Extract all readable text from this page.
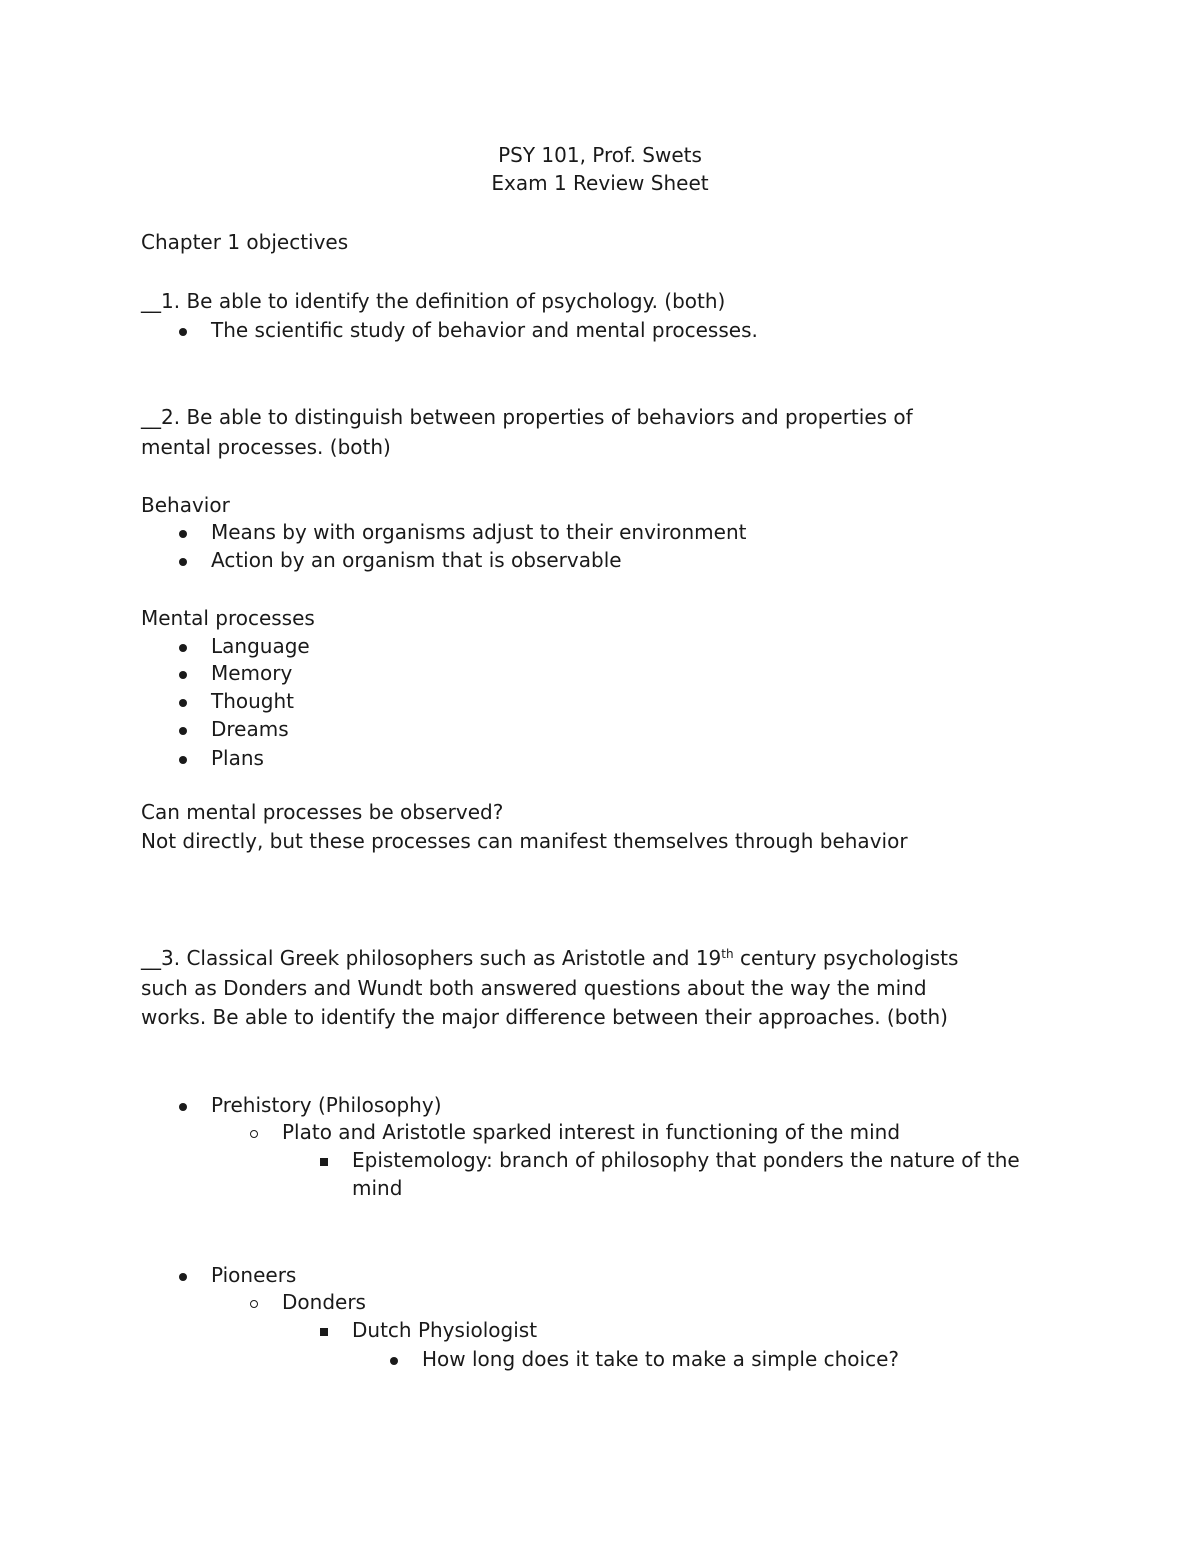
PSY 101, Prof. Swets
Exam 1 Review Sheet
Chapter 1 objectives
__1. Be able to identify the definition of psychology. (both)
The scientific study of behavior and mental processes.
__2. Be able to distinguish between properties of behaviors and properties of
mental processes. (both)
Behavior
Means by with organisms adjust to their environment
Action by an organism that is observable
Mental processes
Language
Memory
Thought
Dreams
Plans
Can mental processes be observed?
Not directly, but these processes can manifest themselves through behavior
__3. Classical Greek philosophers such as Aristotle and 19th century psychologists
such as Donders and Wundt both answered questions about the way the mind
works. Be able to identify the major difference between their approaches. (both)
Prehistory (Philosophy)
Plato and Aristotle sparked interest in functioning of the mind
Epistemology: branch of philosophy that ponders the nature of the
mind
Pioneers
Donders
Dutch Physiologist
How long does it take to make a simple choice?
